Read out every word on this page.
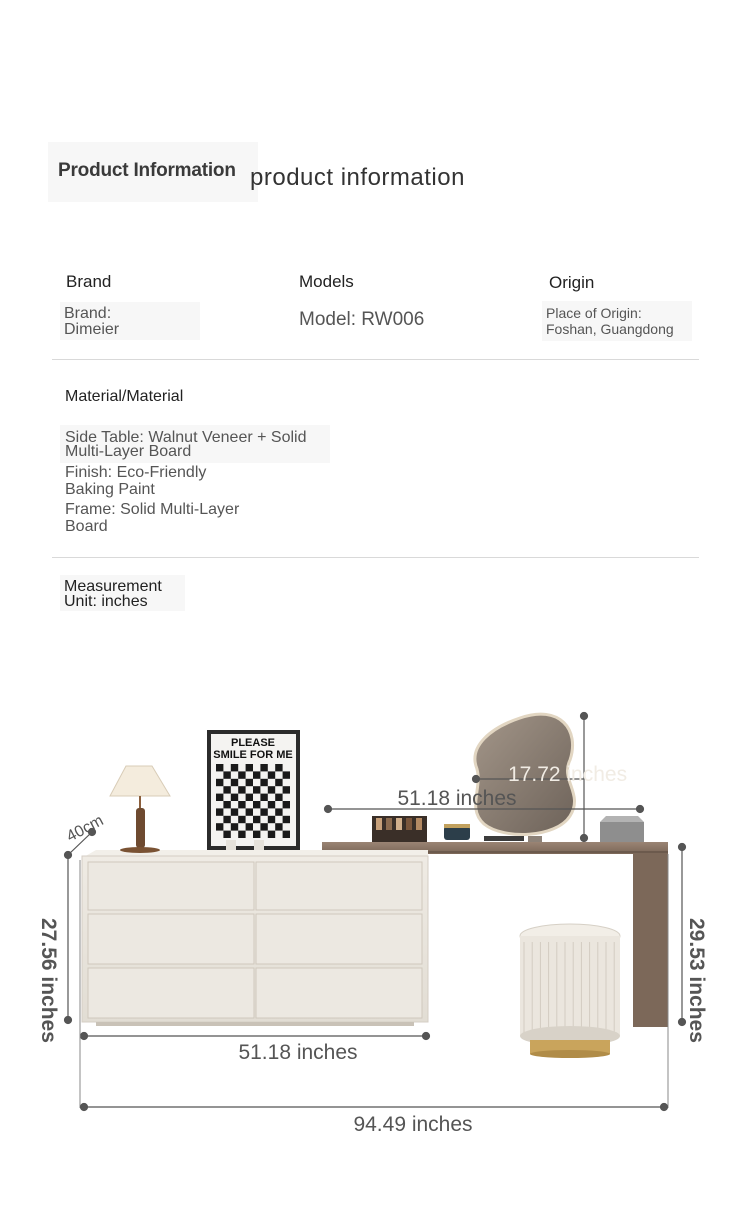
Product Information product information
Brand
Brand:
Dimeier
Models
Model: RW006
Origin
Place of Origin:
Foshan, Guangdong
Material/Material
Side Table: Walnut Veneer + Solid
Multi-Layer Board
Finish: Eco-Friendly
Baking Paint
Frame: Solid Multi-Layer
Board
Measurement
Unit: inches
PLEASE
SMILE FOR ME
40cm
27.56 inches	29.53 inches
51.18 inches
51.18 inches
17.72 inches
94.49 inches
